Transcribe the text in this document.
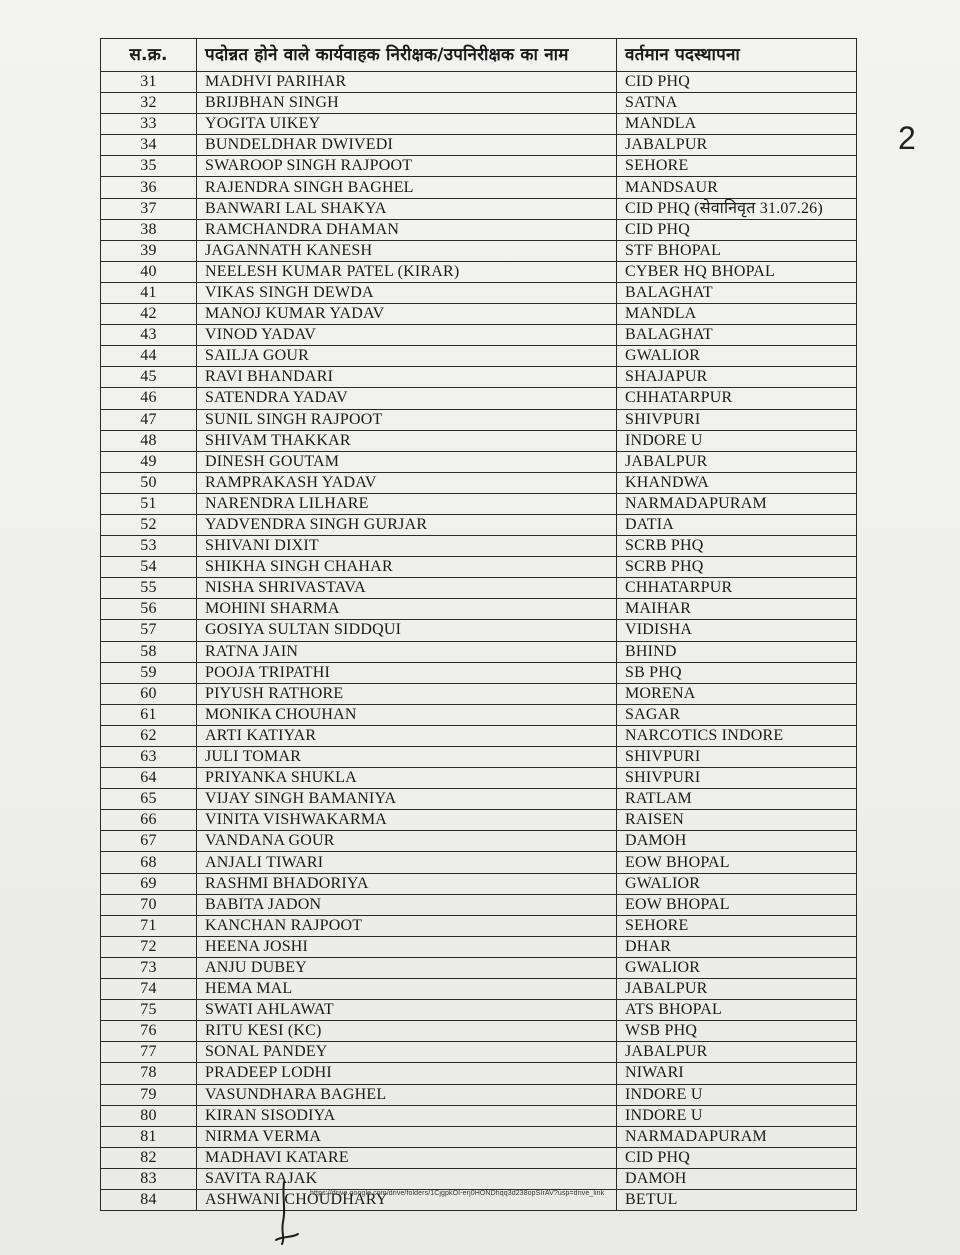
2
स.क्र.	पदोन्नत होने वाले कार्यवाहक निरीक्षक/उपनिरीक्षक का नाम	वर्तमान पदस्थापना
31	MADHVI PARIHAR	CID PHQ
32	BRIJBHAN SINGH	SATNA
33	YOGITA UIKEY	MANDLA
34	BUNDELDHAR DWIVEDI	JABALPUR
35	SWAROOP SINGH RAJPOOT	SEHORE
36	RAJENDRA SINGH BAGHEL	MANDSAUR
37	BANWARI LAL SHAKYA	CID PHQ (सेवानिवृत 31.07.26)
38	RAMCHANDRA DHAMAN	CID PHQ
39	JAGANNATH KANESH	STF BHOPAL
40	NEELESH KUMAR PATEL (KIRAR)	CYBER HQ BHOPAL
41	VIKAS SINGH DEWDA	BALAGHAT
42	MANOJ KUMAR YADAV	MANDLA
43	VINOD YADAV	BALAGHAT
44	SAILJA GOUR	GWALIOR
45	RAVI BHANDARI	SHAJAPUR
46	SATENDRA YADAV	CHHATARPUR
47	SUNIL SINGH RAJPOOT	SHIVPURI
48	SHIVAM THAKKAR	INDORE U
49	DINESH GOUTAM	JABALPUR
50	RAMPRAKASH YADAV	KHANDWA
51	NARENDRA LILHARE	NARMADAPURAM
52	YADVENDRA SINGH GURJAR	DATIA
53	SHIVANI DIXIT	SCRB PHQ
54	SHIKHA SINGH CHAHAR	SCRB PHQ
55	NISHA SHRIVASTAVA	CHHATARPUR
56	MOHINI SHARMA	MAIHAR
57	GOSIYA SULTAN SIDDQUI	VIDISHA
58	RATNA JAIN	BHIND
59	POOJA TRIPATHI	SB PHQ
60	PIYUSH RATHORE	MORENA
61	MONIKA CHOUHAN	SAGAR
62	ARTI KATIYAR	NARCOTICS INDORE
63	JULI TOMAR	SHIVPURI
64	PRIYANKA SHUKLA	SHIVPURI
65	VIJAY SINGH BAMANIYA	RATLAM
66	VINITA VISHWAKARMA	RAISEN
67	VANDANA GOUR	DAMOH
68	ANJALI TIWARI	EOW BHOPAL
69	RASHMI BHADORIYA	GWALIOR
70	BABITA JADON	EOW BHOPAL
71	KANCHAN RAJPOOT	SEHORE
72	HEENA JOSHI	DHAR
73	ANJU DUBEY	GWALIOR
74	HEMA MAL	JABALPUR
75	SWATI AHLAWAT	ATS BHOPAL
76	RITU KESI (KC)	WSB PHQ
77	SONAL PANDEY	JABALPUR
78	PRADEEP LODHI	NIWARI
79	VASUNDHARA BAGHEL	INDORE U
80	KIRAN SISODIYA	INDORE U
81	NIRMA VERMA	NARMADAPURAM
82	MADHAVI KATARE	CID PHQ
83	SAVITA RAJAK	DAMOH
84	ASHWANI CHOUDHARY	BETUL
https://drive.google.com/drive/folders/1CjgpkOI-erj0HONDhqq3d238opSIrAV?usp=drive_link
